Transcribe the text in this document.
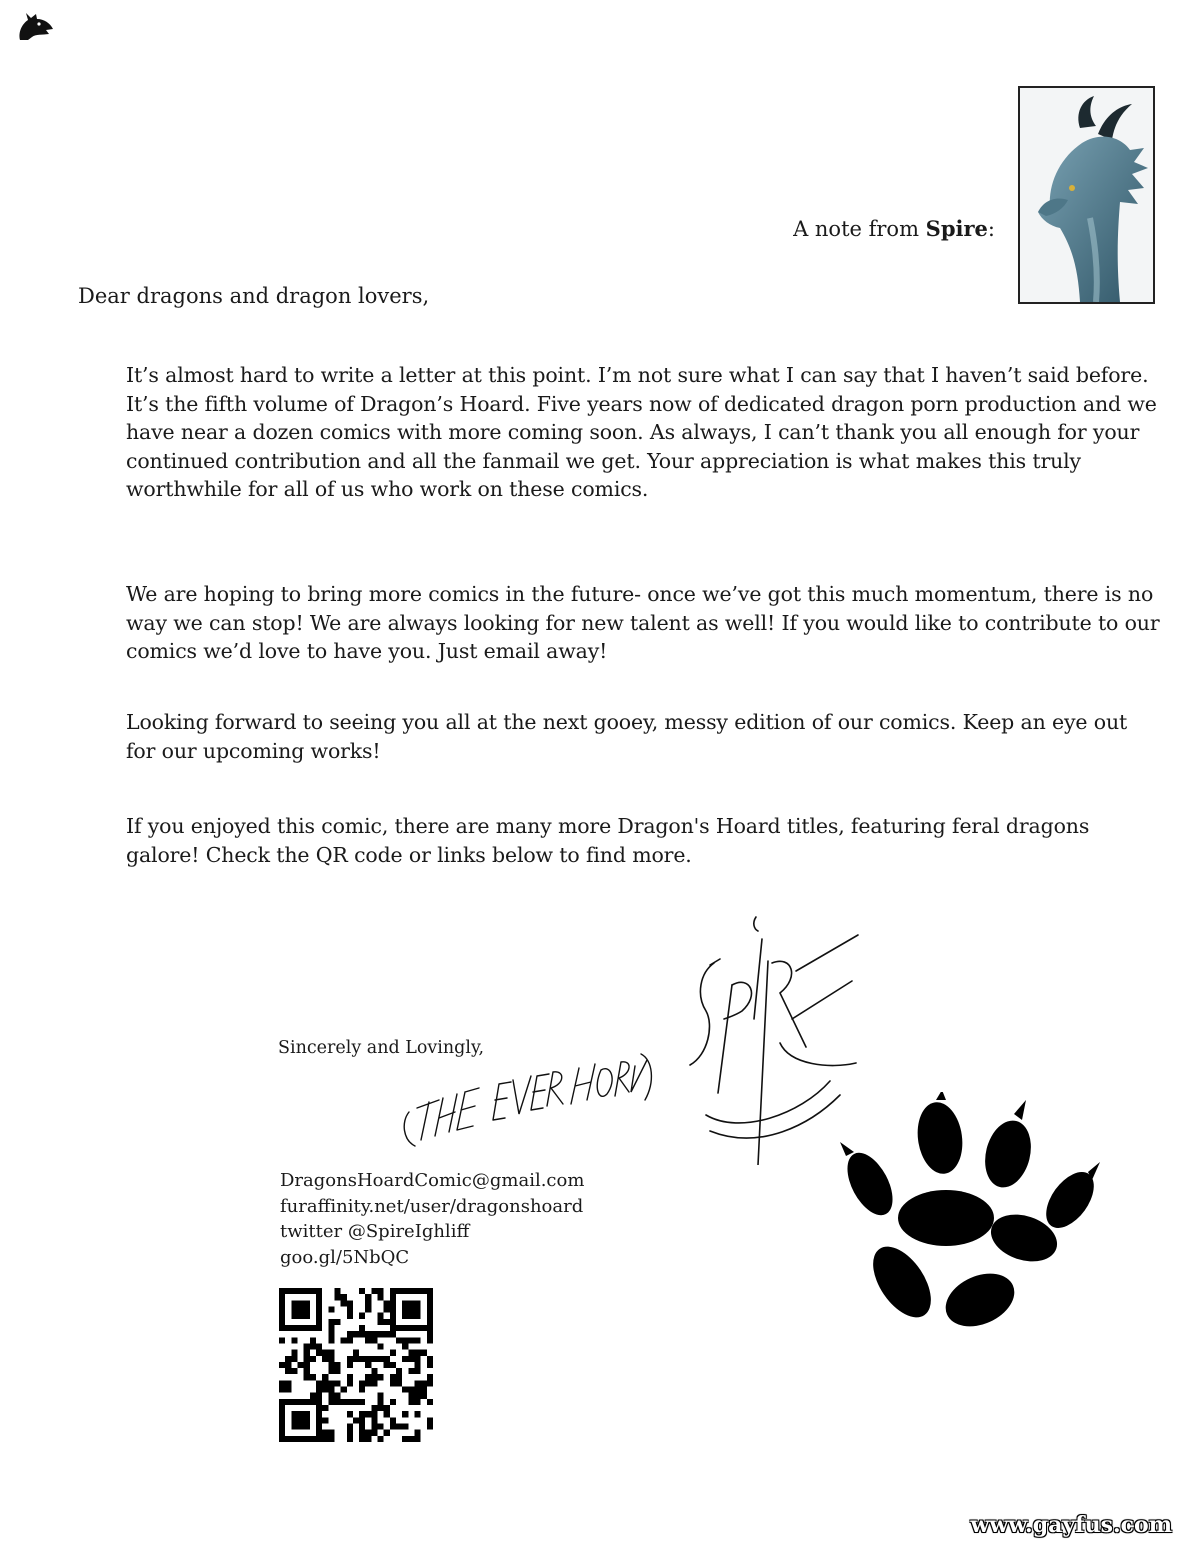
A note from Spire:
Dear dragons and dragon lovers,

It’s almost hard to write a letter at this point. I’m not sure what I can say that I haven’t said before. It’s the fifth volume of Dragon’s Hoard. Five years now of dedicated dragon porn production and we have near a dozen comics with more coming soon. As always, I can’t thank you all enough for your continued contribution and all the fanmail we get. Your appreciation is what makes this truly worthwhile for all of us who work on these comics.

We are hoping to bring more comics in the future- once we’ve got this much momentum, there is no way we can stop! We are always looking for new talent as well! If you would like to contribute to our comics we’d love to have you. Just email away!

Looking forward to seeing you all at the next gooey, messy edition of our comics. Keep an eye out for our upcoming works!

If you enjoyed this comic, there are many more Dragon's Hoard titles, featuring feral dragons galore! Check the QR code or links below to find more.

Sincerely and Lovingly,
DragonsHoardComic@gmail.com
furaffinity.net/user/dragonshoard
twitter @SpireIghliff
goo.gl/5NbQC
www.gayfus.com
